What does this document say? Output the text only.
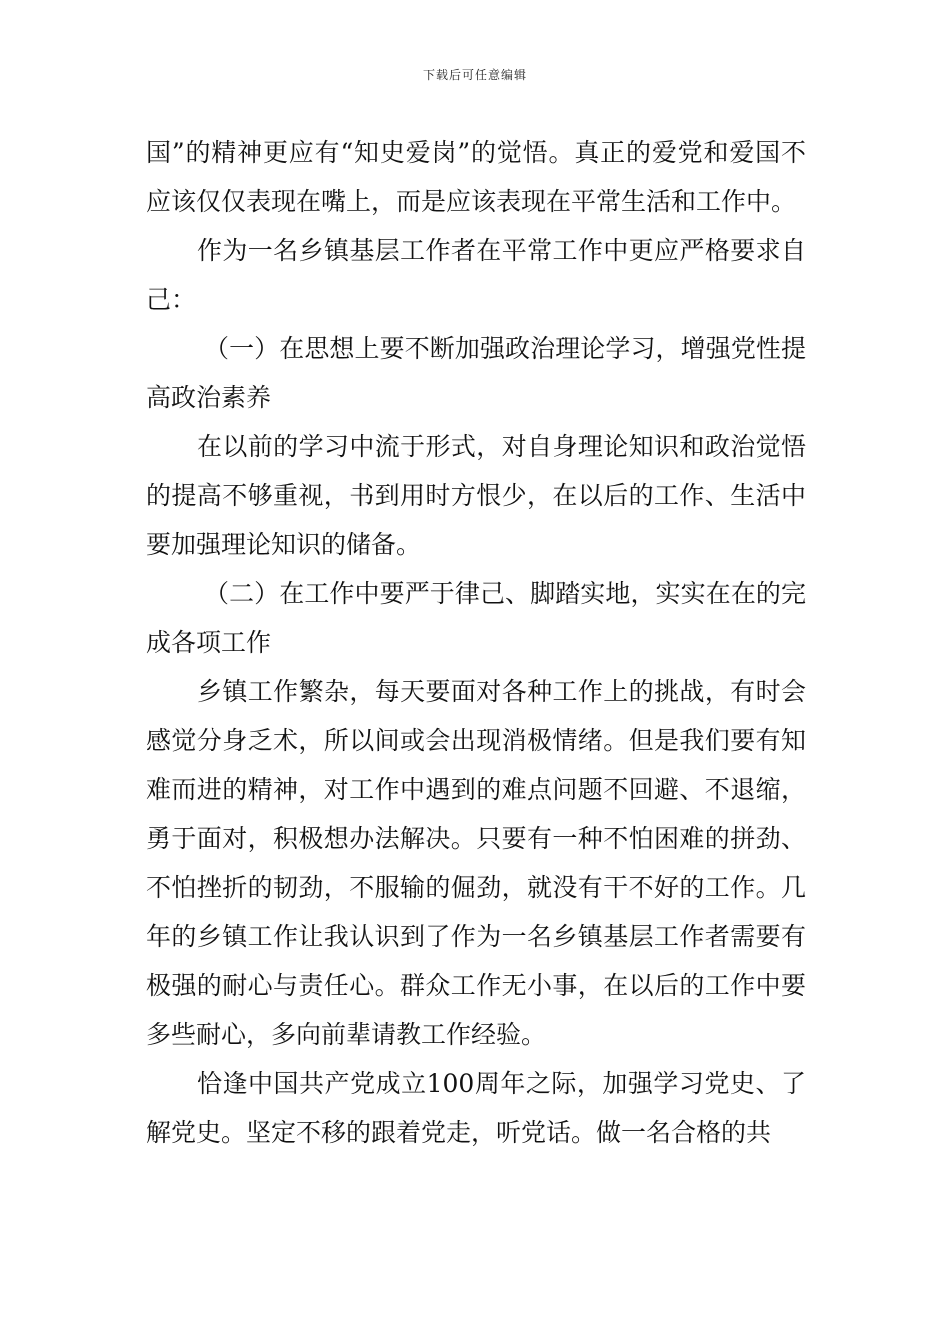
下载后可任意编辑

国”的精神更应有“知史爱岗”的觉悟。真正的爱党和爱国不应该仅仅表现在嘴上，而是应该表现在平常生活和工作中。

作为一名乡镇基层工作者在平常工作中更应严格要求自己：

（一）在思想上要不断加强政治理论学习，增强党性提高政治素养

在以前的学习中流于形式，对自身理论知识和政治觉悟的提高不够重视，书到用时方恨少，在以后的工作、生活中要加强理论知识的储备。

（二）在工作中要严于律己、脚踏实地，实实在在的完成各项工作

乡镇工作繁杂，每天要面对各种工作上的挑战，有时会感觉分身乏术，所以间或会出现消极情绪。但是我们要有知难而进的精神，对工作中遇到的难点问题不回避、不退缩，勇于面对，积极想办法解决。只要有一种不怕困难的拼劲、不怕挫折的韧劲，不服输的倔劲，就没有干不好的工作。几年的乡镇工作让我认识到了作为一名乡镇基层工作者需要有极强的耐心与责任心。群众工作无小事，在以后的工作中要多些耐心，多向前辈请教工作经验。

恰逢中国共产党成立100周年之际，加强学习党史、了解党史。坚定不移的跟着党走，听党话。做一名合格的共
